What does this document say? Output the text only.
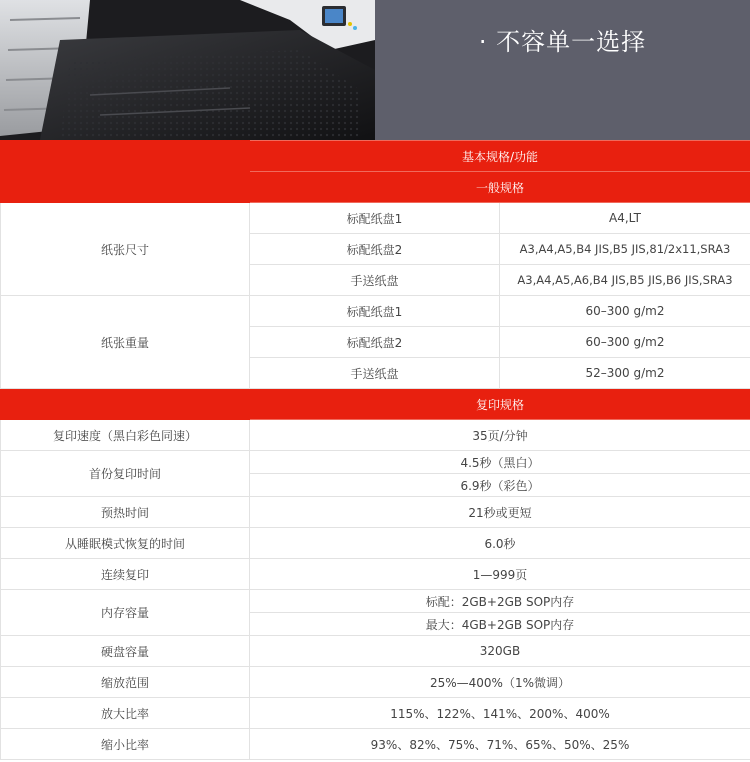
· 不容单一选择
	基本规格/功能	
	一般规格	
纸张尺寸	标配纸盘1	A4,LT
	标配纸盘2	A3,A4,A5,B4 JIS,B5 JIS,81/2x11,SRA3
	手送纸盘	A3,A4,A5,A6,B4 JIS,B5 JIS,B6 JIS,SRA3
纸张重量	标配纸盘1	60–300 g/m2
	标配纸盘2	60–300 g/m2
	手送纸盘	52–300 g/m2
	复印规格	
复印速度（黑白彩色同速）	35页/分钟	
首份复印时间	4.5秒（黑白）	
	6.9秒（彩色）	
预热时间	21秒或更短	
从睡眠模式恢复的时间	6.0秒	
连续复印	1—999页	
内存容量	标配：2GB+2GB SOP内存	
	最大：4GB+2GB SOP内存	
硬盘容量	320GB	
缩放范围	25%—400%（1%微调）	
放大比率	115%、122%、141%、200%、400%	
缩小比率	93%、82%、75%、71%、65%、50%、25%	
